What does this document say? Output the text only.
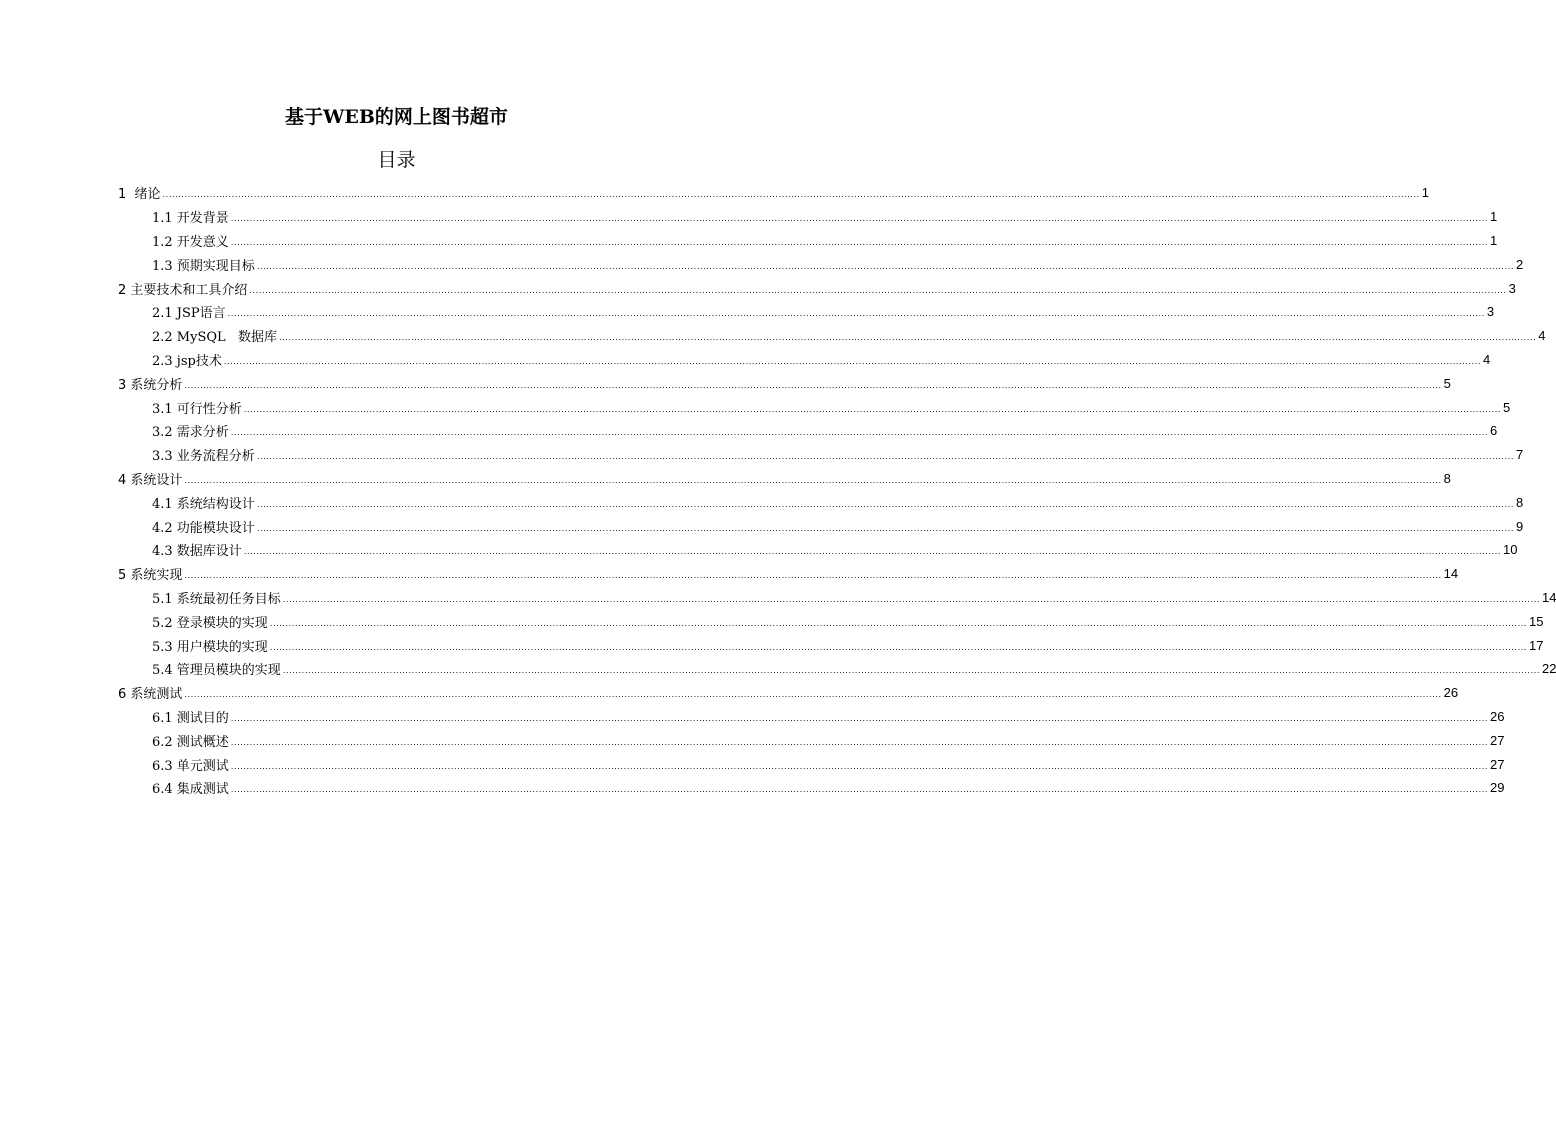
基于WEB的网上图书超市
目录
1  绪论 ................................................................................................................................................................................................................................................................................................................................................................................................................ 1
1.1 开发背景 ................................................................................................................................................................................................................................................................................................................................................................................................................ 1
1.2 开发意义 ................................................................................................................................................................................................................................................................................................................................................................................................................ 1
1.3 预期实现目标 ................................................................................................................................................................................................................................................................................................................................................................................................................ 2
2 主要技术和工具介绍 ................................................................................................................................................................................................................................................................................................................................................................................................................ 3
2.1 JSP语言 ................................................................................................................................................................................................................................................................................................................................................................................................................ 3
2.2 MySQL   数据库 ................................................................................................................................................................................................................................................................................................................................................................................................................ 4
2.3 jsp技术 ................................................................................................................................................................................................................................................................................................................................................................................................................ 4
3 系统分析 ................................................................................................................................................................................................................................................................................................................................................................................................................ 5
3.1 可行性分析 ................................................................................................................................................................................................................................................................................................................................................................................................................ 5
3.2 需求分析 ................................................................................................................................................................................................................................................................................................................................................................................................................ 6
3.3 业务流程分析 ................................................................................................................................................................................................................................................................................................................................................................................................................ 7
4 系统设计 ................................................................................................................................................................................................................................................................................................................................................................................................................ 8
4.1 系统结构设计 ................................................................................................................................................................................................................................................................................................................................................................................................................ 8
4.2 功能模块设计 ................................................................................................................................................................................................................................................................................................................................................................................................................ 9
4.3 数据库设计 ................................................................................................................................................................................................................................................................................................................................................................................................................ 10
5 系统实现 ................................................................................................................................................................................................................................................................................................................................................................................................................ 14
5.1 系统最初任务目标 ................................................................................................................................................................................................................................................................................................................................................................................................................ 14
5.2 登录模块的实现 ................................................................................................................................................................................................................................................................................................................................................................................................................ 15
5.3 用户模块的实现 ................................................................................................................................................................................................................................................................................................................................................................................................................ 17
5.4 管理员模块的实现 ................................................................................................................................................................................................................................................................................................................................................................................................................ 22
6 系统测试 ................................................................................................................................................................................................................................................................................................................................................................................................................ 26
6.1 测试目的 ................................................................................................................................................................................................................................................................................................................................................................................................................ 26
6.2 测试概述 ................................................................................................................................................................................................................................................................................................................................................................................................................ 27
6.3 单元测试 ................................................................................................................................................................................................................................................................................................................................................................................................................ 27
6.4 集成测试 ................................................................................................................................................................................................................................................................................................................................................................................................................ 29
